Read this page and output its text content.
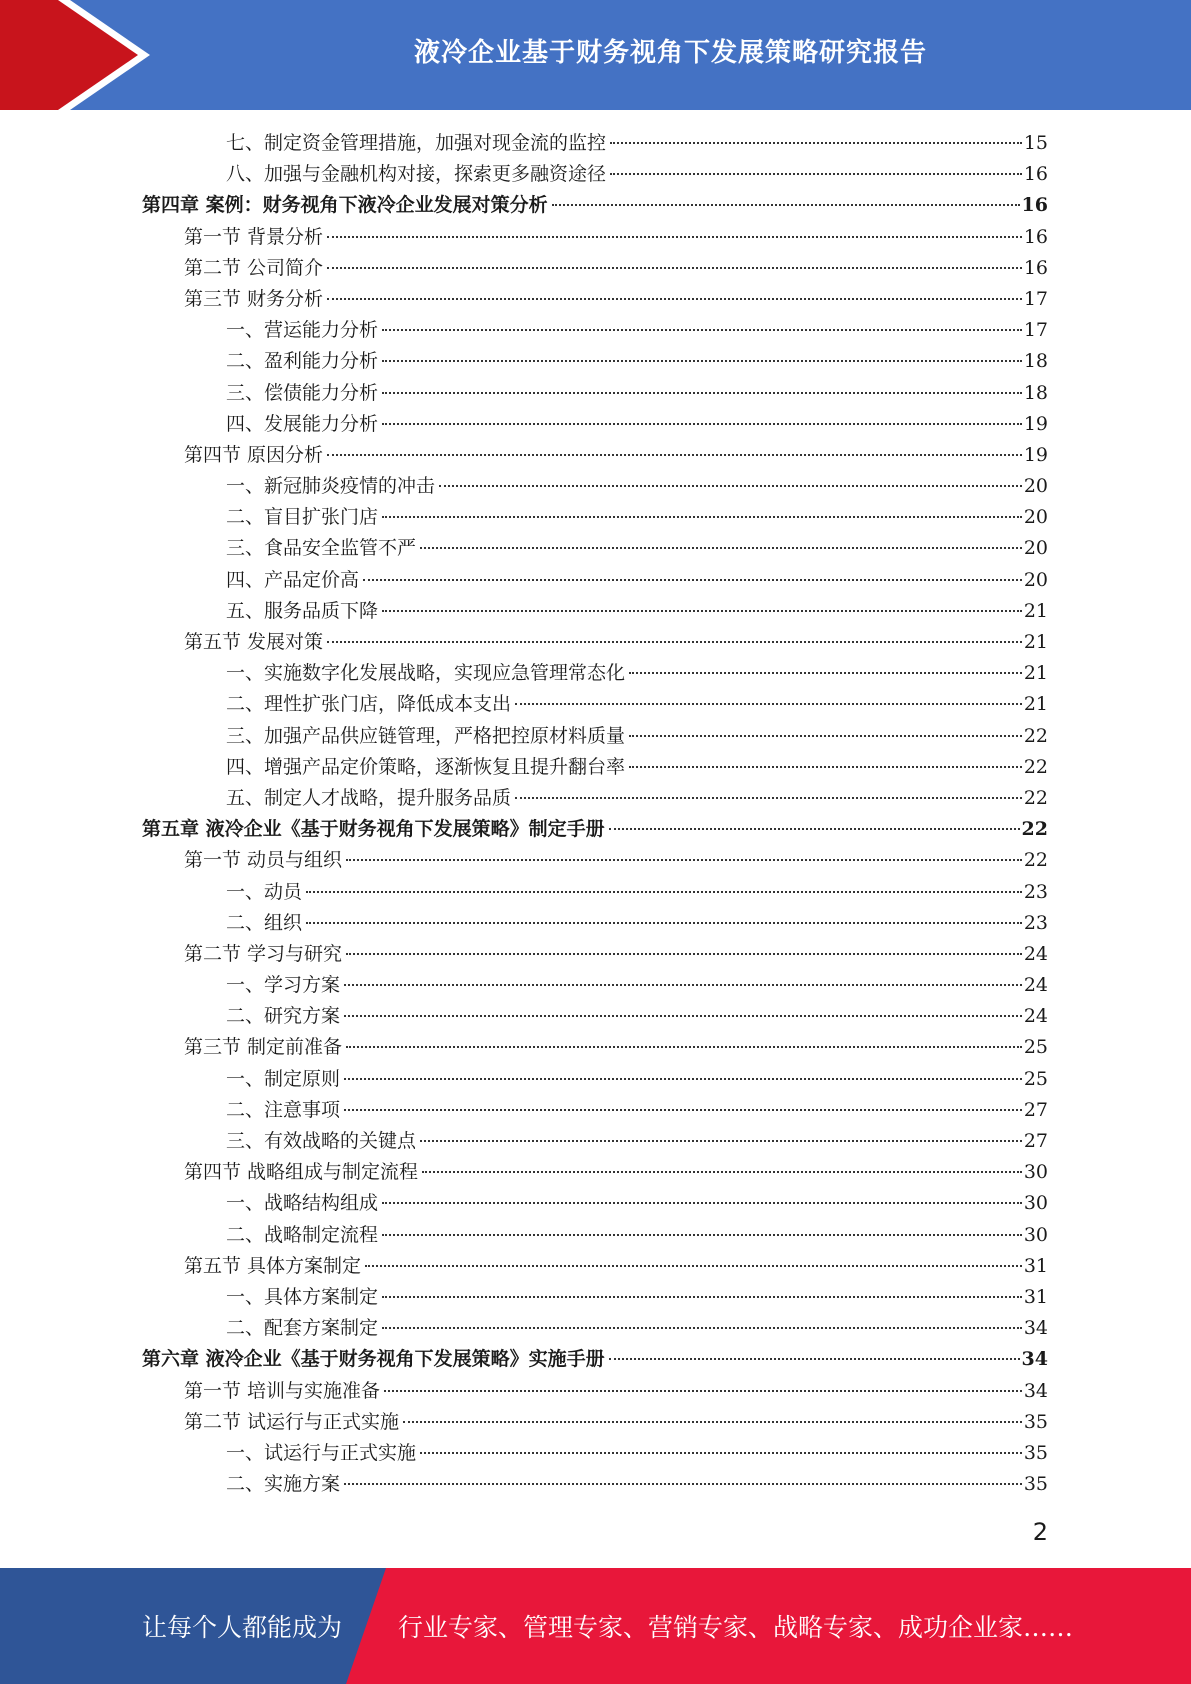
液冷企业基于财务视角下发展策略研究报告
七、制定资金管理措施，加强对现金流的监控	15
八、加强与金融机构对接，探索更多融资途径	16
第四章 案例：财务视角下液冷企业发展对策分析	16
第一节 背景分析	16
第二节 公司简介	16
第三节 财务分析	17
一、营运能力分析	17
二、盈利能力分析	18
三、偿债能力分析	18
四、发展能力分析	19
第四节 原因分析	19
一、新冠肺炎疫情的冲击	20
二、盲目扩张门店	20
三、食品安全监管不严	20
四、产品定价高	20
五、服务品质下降	21
第五节 发展对策	21
一、实施数字化发展战略，实现应急管理常态化	21
二、理性扩张门店，降低成本支出	21
三、加强产品供应链管理，严格把控原材料质量	22
四、增强产品定价策略，逐渐恢复且提升翻台率	22
五、制定人才战略，提升服务品质	22
第五章 液冷企业《基于财务视角下发展策略》制定手册	22
第一节 动员与组织	22
一、动员	23
二、组织	23
第二节 学习与研究	24
一、学习方案	24
二、研究方案	24
第三节 制定前准备	25
一、制定原则	25
二、注意事项	27
三、有效战略的关键点	27
第四节 战略组成与制定流程	30
一、战略结构组成	30
二、战略制定流程	30
第五节 具体方案制定	31
一、具体方案制定	31
二、配套方案制定	34
第六章 液冷企业《基于财务视角下发展策略》实施手册	34
第一节 培训与实施准备	34
第二节 试运行与正式实施	35
一、试运行与正式实施	35
二、实施方案	35
2
让每个人都能成为 行业专家、管理专家、营销专家、战略专家、成功企业家……
